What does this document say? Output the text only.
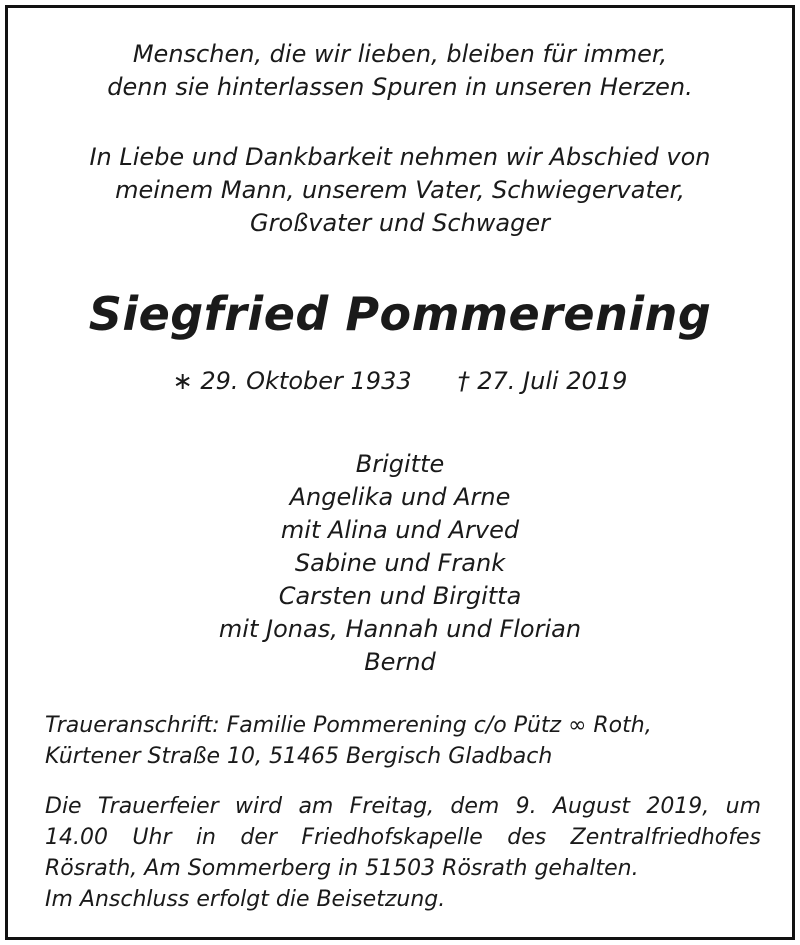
Menschen, die wir lieben, bleiben für immer,
denn sie hinterlassen Spuren in unseren Herzen.
In Liebe und Dankbarkeit nehmen wir Abschied von
meinem Mann, unserem Vater, Schwiegervater,
Großvater und Schwager
Siegfried Pommerening
∗ 29. Oktober 1933 † 27. Juli 2019
Brigitte
Angelika und Arne
mit Alina und Arved
Sabine und Frank
Carsten und Birgitta
mit Jonas, Hannah und Florian
Bernd
Traueranschrift: Familie Pommerening c/o Pütz ∞ Roth,
Kürtener Straße 10, 51465 Bergisch Gladbach
Die Trauerfeier wird am Freitag, dem 9. August 2019, um
14.00 Uhr in der Friedhofskapelle des Zentralfriedhofes
Rösrath, Am Sommerberg in 51503 Rösrath gehalten.
Im Anschluss erfolgt die Beisetzung.
